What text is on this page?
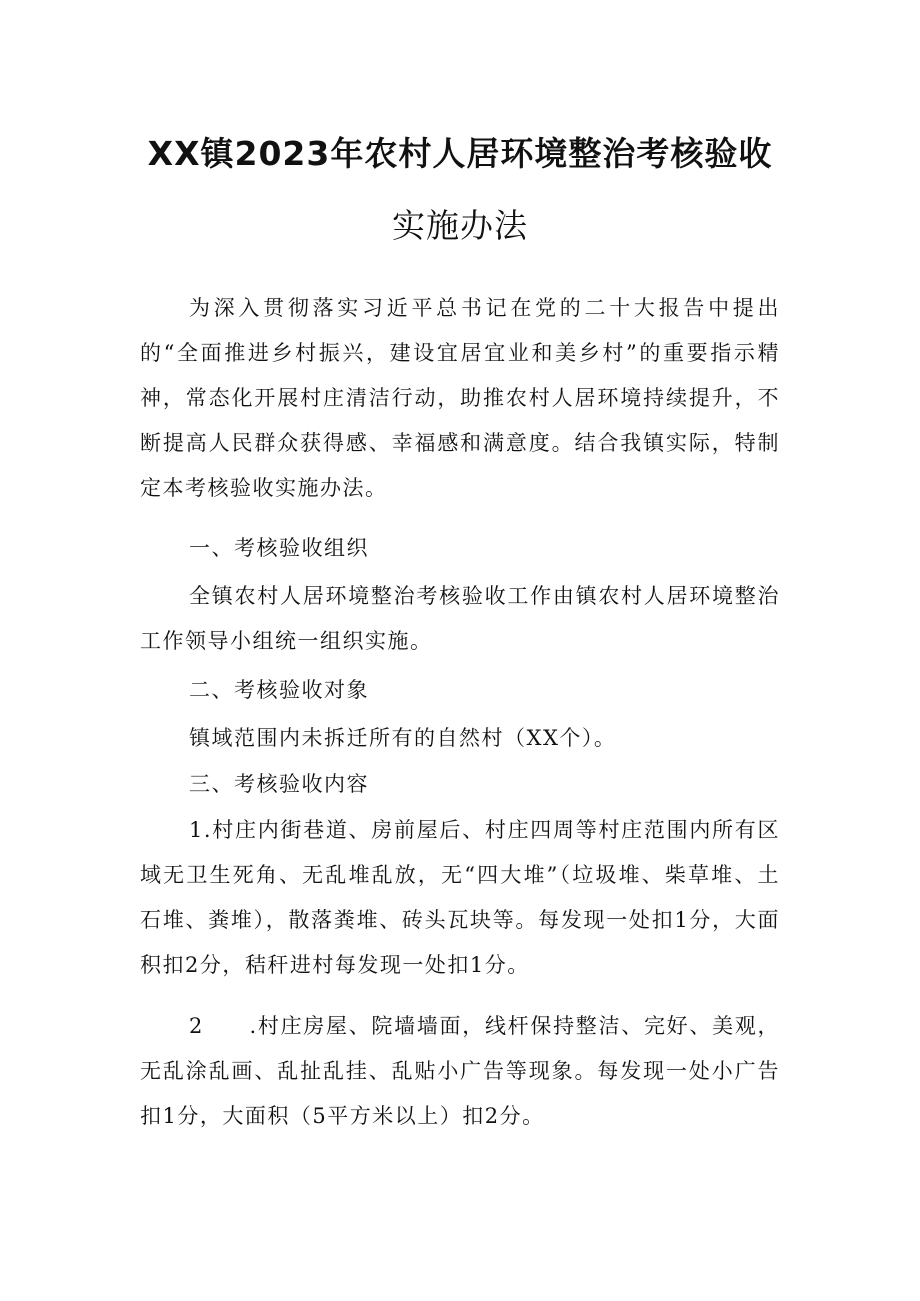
XX镇2023年农村人居环境整治考核验收
实施办法
为深入贯彻落实习近平总书记在党的二十大报告中提出的“全面推进乡村振兴，建设宜居宜业和美乡村”的重要指示精神，常态化开展村庄清洁行动，助推农村人居环境持续提升，不断提高人民群众获得感、幸福感和满意度。结合我镇实际，特制定本考核验收实施办法。
一、考核验收组织
全镇农村人居环境整治考核验收工作由镇农村人居环境整治工作领导小组统一组织实施。
二、考核验收对象
镇域范围内未拆迁所有的自然村（XX个）。
三、考核验收内容
1.村庄内街巷道、房前屋后、村庄四周等村庄范围内所有区域无卫生死角、无乱堆乱放，无“四大堆”（垃圾堆、柴草堆、土石堆、粪堆），散落粪堆、砖头瓦块等。每发现一处扣1分，大面积扣2分，秸秆进村每发现一处扣1分。
2　　.村庄房屋、院墙墙面，线杆保持整洁、完好、美观，无乱涂乱画、乱扯乱挂、乱贴小广告等现象。每发现一处小广告扣1分，大面积（5平方米以上）扣2分。
